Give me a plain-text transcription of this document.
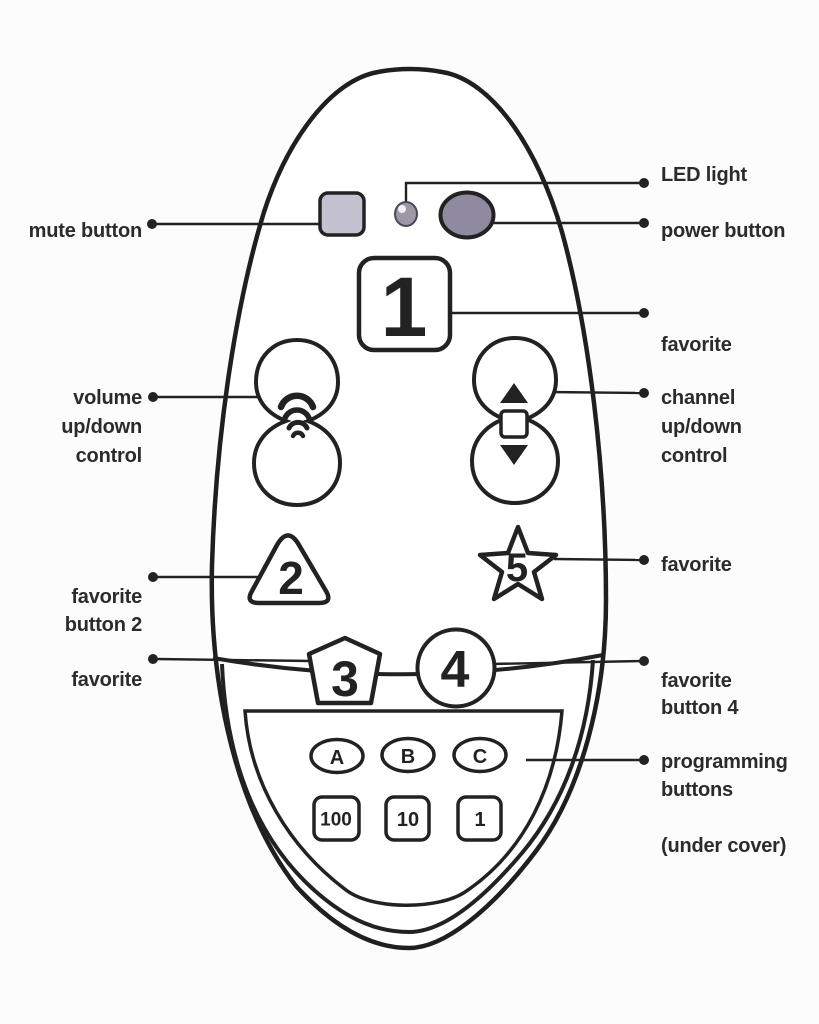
1
2	5
3 4
A	B	C
100 10	1
mute button
volume
up/down
control
favorite
button 2
favorite
LED light
power button
favorite
channel
up/down
control
favorite
favorite
button 4
programming
buttons
(under cover)
